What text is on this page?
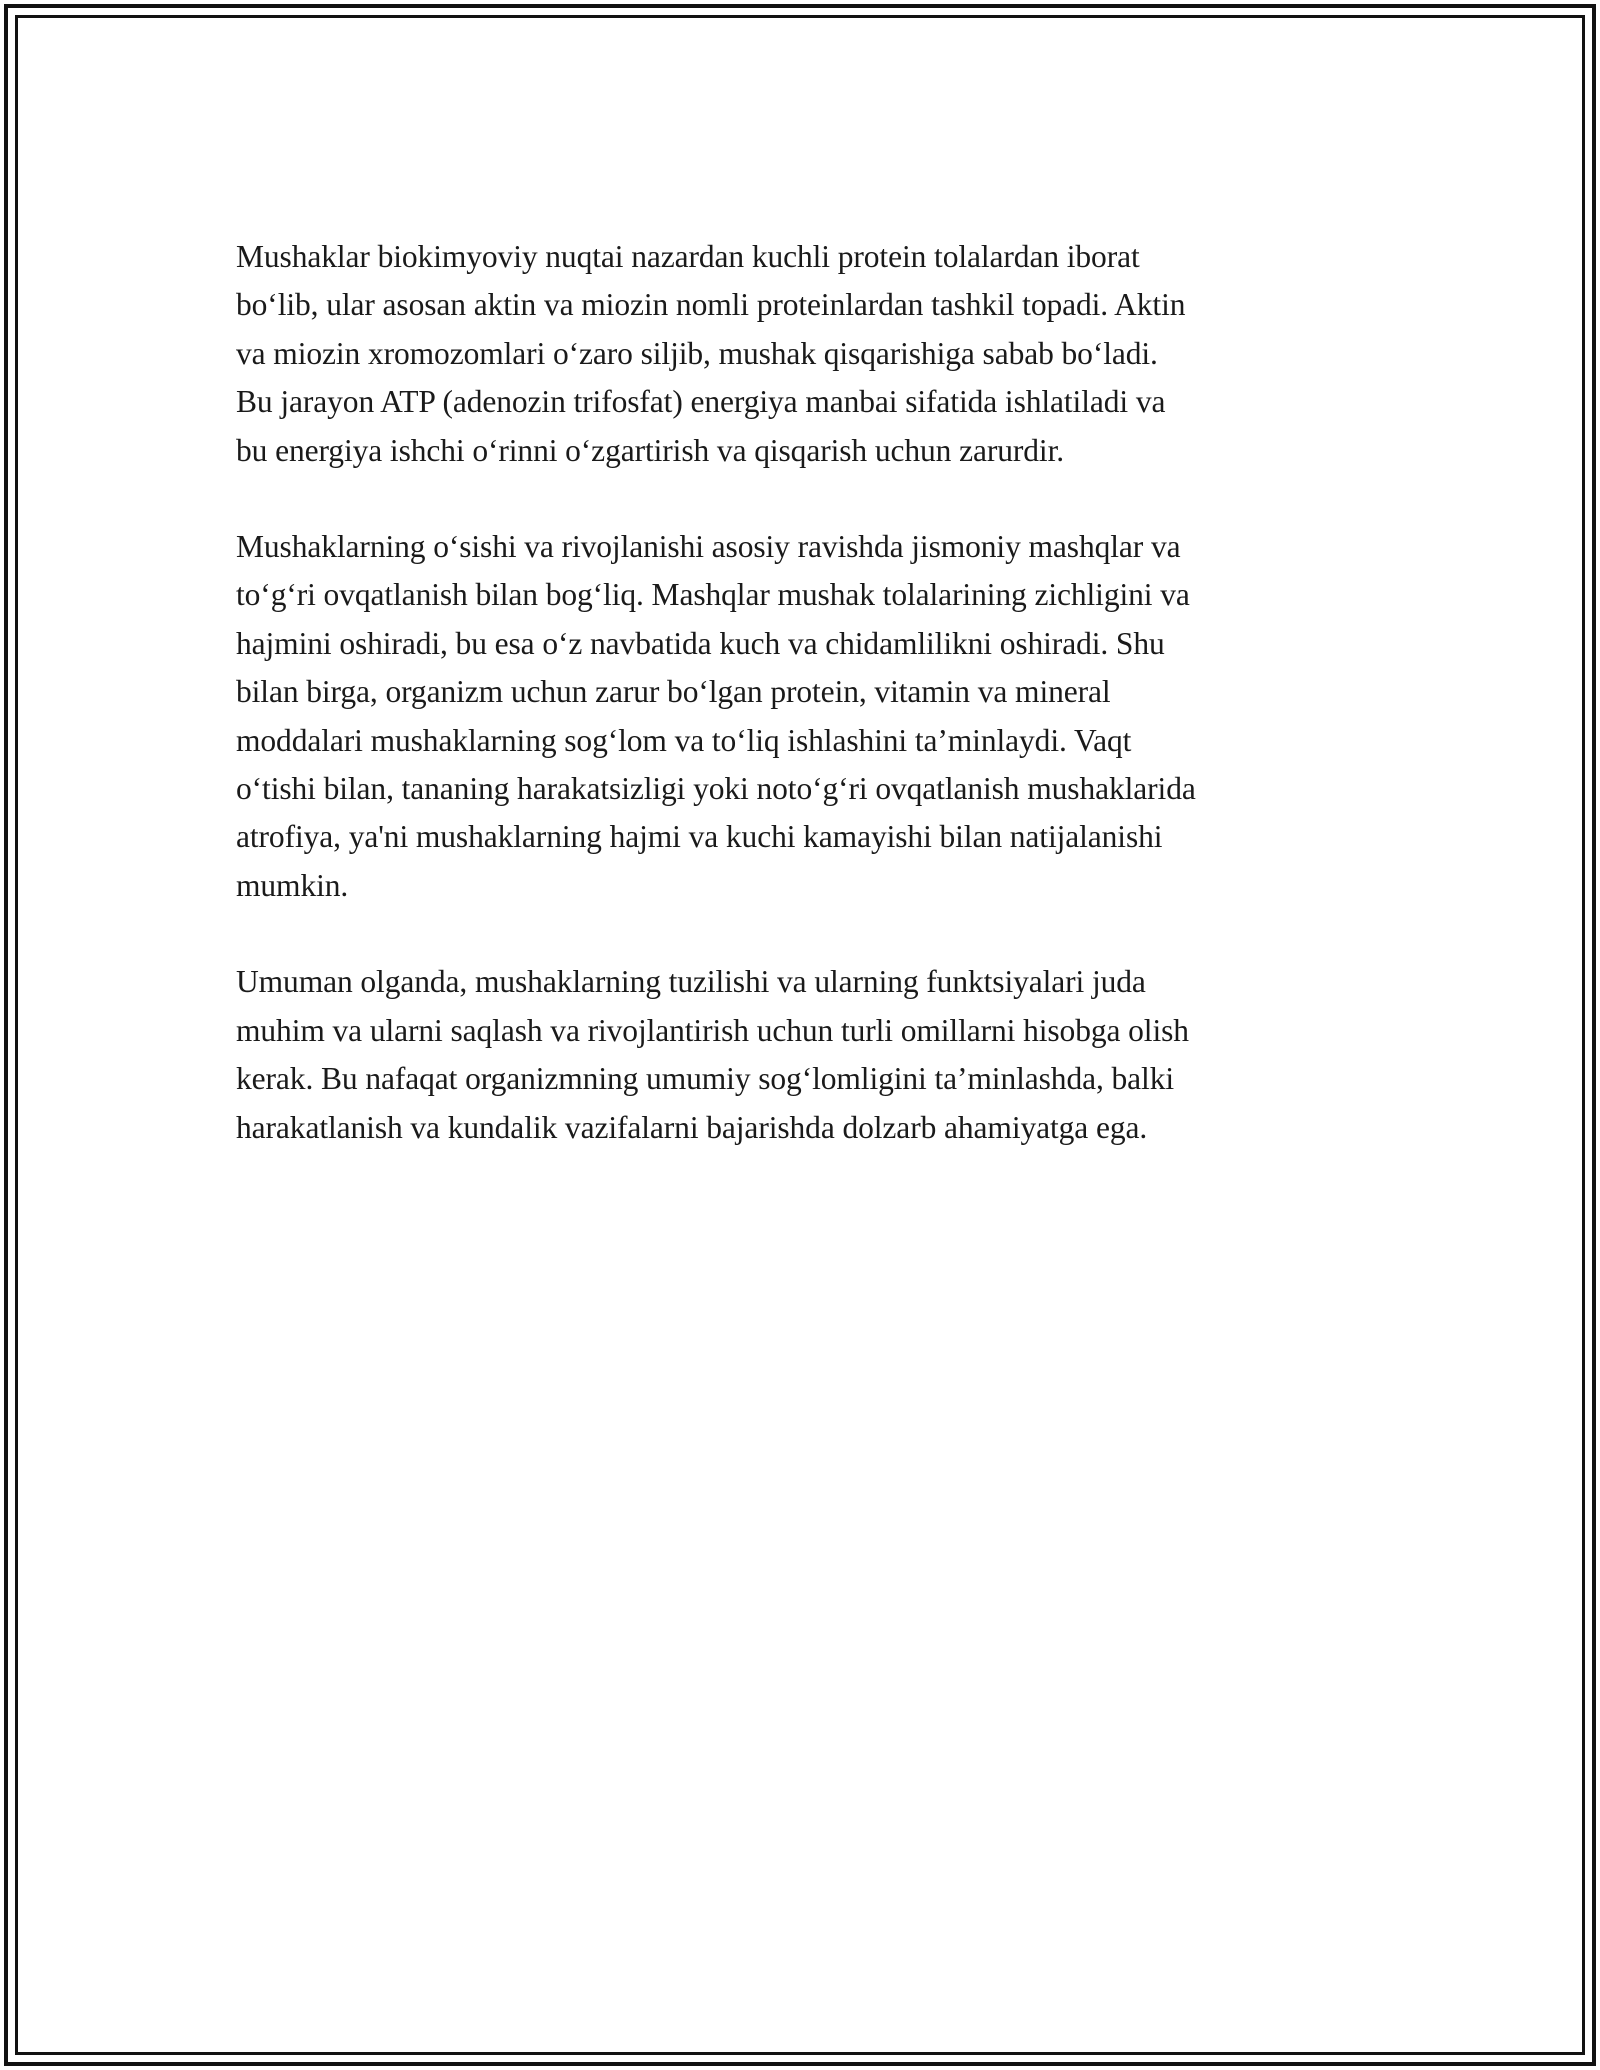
Mushaklar biokimyoviy nuqtai nazardan kuchli protein tolalardan iborat
bo‘lib, ular asosan aktin va miozin nomli proteinlardan tashkil topadi. Aktin
va miozin xromozomlari o‘zaro siljib, mushak qisqarishiga sabab bo‘ladi.
Bu jarayon ATP (adenozin trifosfat) energiya manbai sifatida ishlatiladi va
bu energiya ishchi o‘rinni o‘zgartirish va qisqarish uchun zarurdir.

Mushaklarning o‘sishi va rivojlanishi asosiy ravishda jismoniy mashqlar va
to‘g‘ri ovqatlanish bilan bog‘liq. Mashqlar mushak tolalarining zichligini va
hajmini oshiradi, bu esa o‘z navbatida kuch va chidamlilikni oshiradi. Shu
bilan birga, organizm uchun zarur bo‘lgan protein, vitamin va mineral
moddalari mushaklarning sog‘lom va to‘liq ishlashini ta’minlaydi. Vaqt
o‘tishi bilan, tananing harakatsizligi yoki noto‘g‘ri ovqatlanish mushaklarida
atrofiya, ya'ni mushaklarning hajmi va kuchi kamayishi bilan natijalanishi
mumkin.

Umuman olganda, mushaklarning tuzilishi va ularning funktsiyalari juda
muhim va ularni saqlash va rivojlantirish uchun turli omillarni hisobga olish
kerak. Bu nafaqat organizmning umumiy sog‘lomligini ta’minlashda, balki
harakatlanish va kundalik vazifalarni bajarishda dolzarb ahamiyatga ega.
